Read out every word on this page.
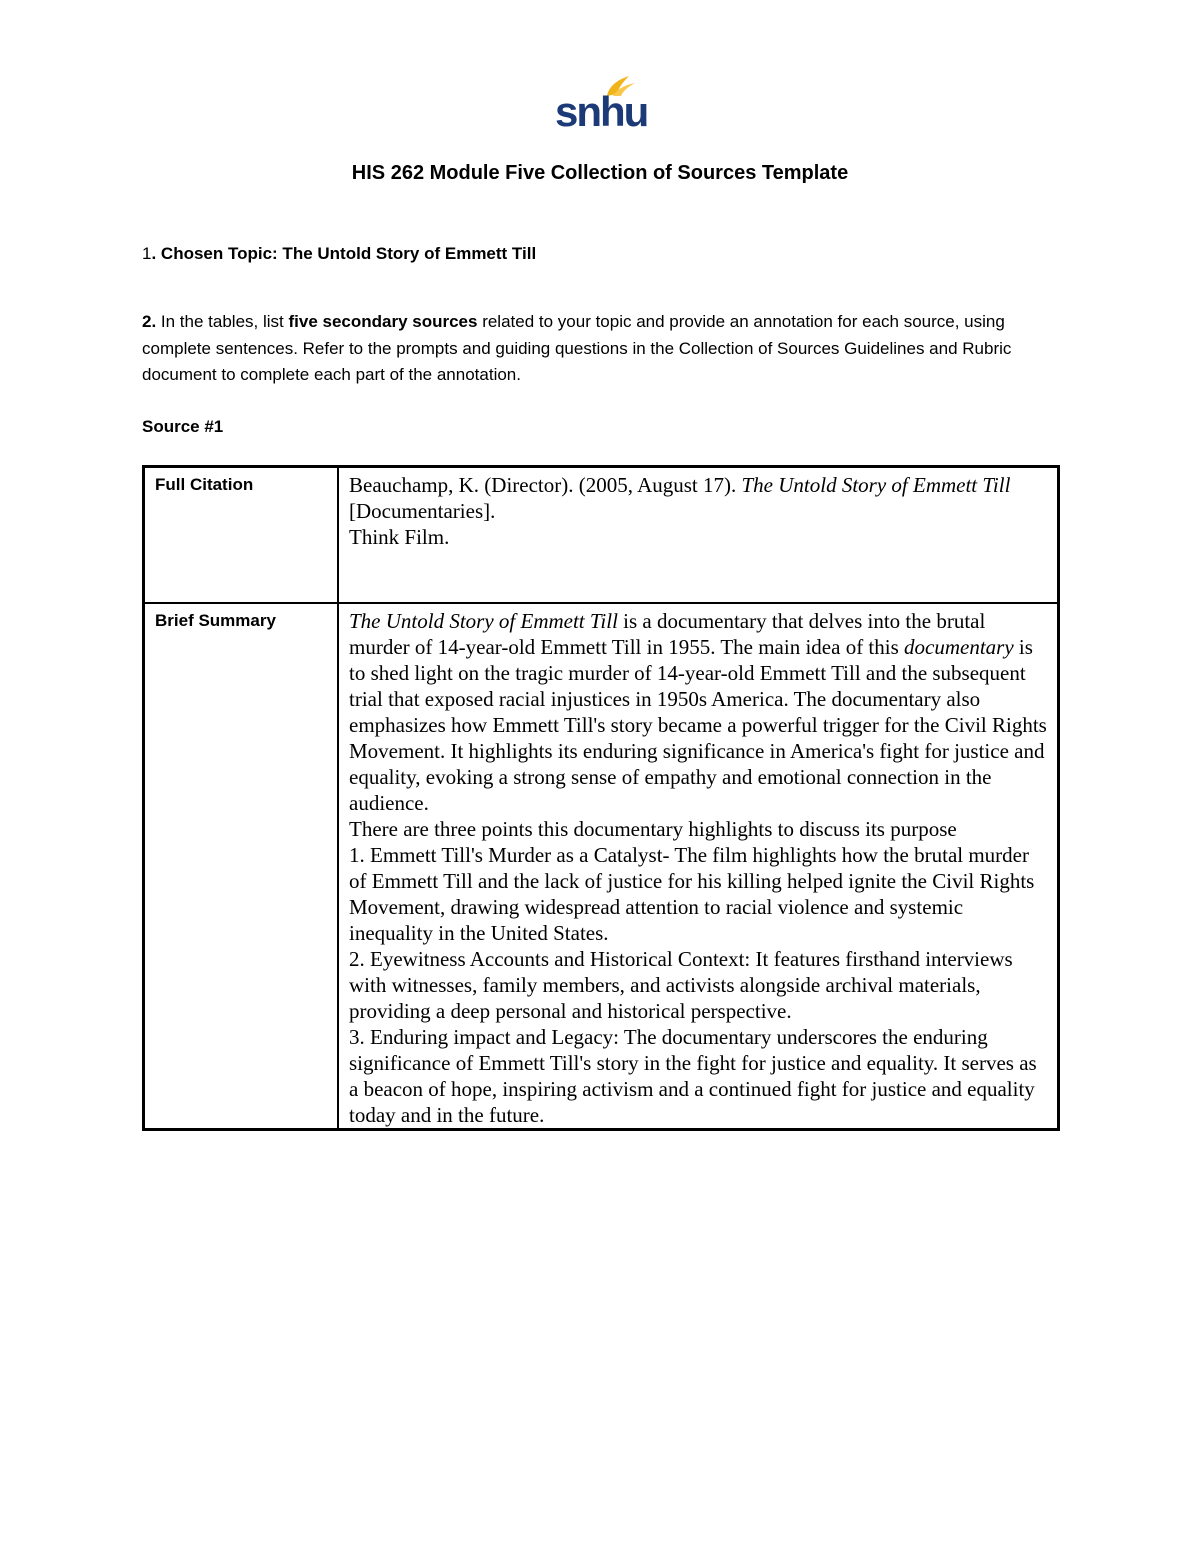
snhu
HIS 262 Module Five Collection of Sources Template
1. Chosen Topic: The Untold Story of Emmett Till
2. In the tables, list five secondary sources related to your topic and provide an annotation for each source, using complete sentences. Refer to the prompts and guiding questions in the Collection of Sources Guidelines and Rubric document to complete each part of the annotation.
Source #1
Full Citation	Beauchamp, K. (Director). (2005, August 17). The Untold Story of Emmett Till [Documentaries].
Think Film.
Brief Summary	The Untold Story of Emmett Till is a documentary that delves into the brutal murder of 14-year-old Emmett Till in 1955. The main idea of this documentary is to shed light on the tragic murder of 14-year-old Emmett Till and the subsequent trial that exposed racial injustices in 1950s America. The documentary also emphasizes how Emmett Till's story became a powerful trigger for the Civil Rights Movement. It highlights its enduring significance in America's fight for justice and equality, evoking a strong sense of empathy and emotional connection in the audience.
There are three points this documentary highlights to discuss its purpose
1. Emmett Till's Murder as a Catalyst- The film highlights how the brutal murder of Emmett Till and the lack of justice for his killing helped ignite the Civil Rights Movement, drawing widespread attention to racial violence and systemic inequality in the United States.
2. Eyewitness Accounts and Historical Context: It features firsthand interviews with witnesses, family members, and activists alongside archival materials, providing a deep personal and historical perspective.
3. Enduring impact and Legacy: The documentary underscores the enduring significance of Emmett Till's story in the fight for justice and equality. It serves as a beacon of hope, inspiring activism and a continued fight for justice and equality today and in the future.
